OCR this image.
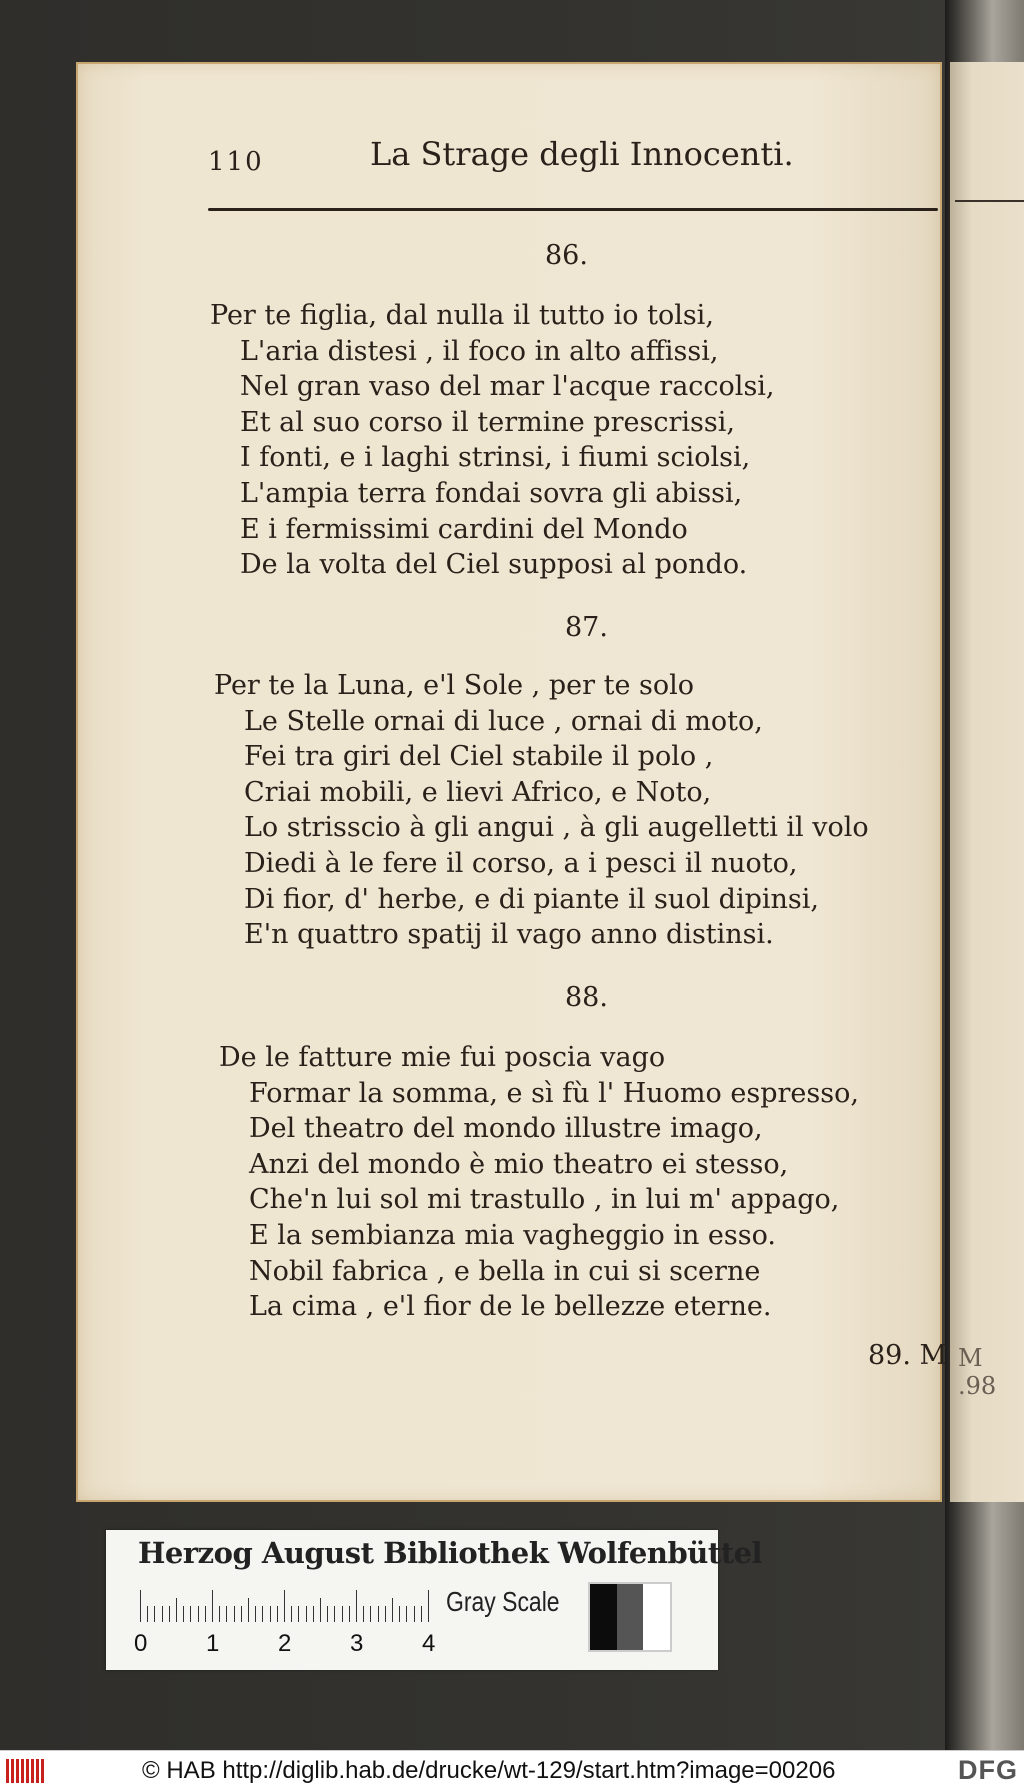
M .98
110	La Strage degli Innocenti.
86.
Per te figlia, dal nulla il tutto io tolsi,
L'aria distesi , il foco in alto affissi,
Nel gran vaso del mar l'acque raccolsi,
Et al suo corso il termine prescrissi,
I fonti, e i laghi strinsi, i fiumi sciolsi,
L'ampia terra fondai sovra gli abissi,
E i fermissimi cardini del Mondo
De la volta del Ciel supposi al pondo.
87.
Per te la Luna, e'l Sole , per te solo
Le Stelle ornai di luce , ornai di moto,
Fei tra giri del Ciel stabile il polo ,
Criai mobili, e lievi Africo, e Noto,
Lo strisscio à gli angui , à gli augelletti il volo
Diedi à le fere il corso, a i pesci il nuoto,
Di fior, d' herbe, e di piante il suol dipinsi,
E'n quattro spatij il vago anno distinsi.
88.
De le fatture mie fui poscia vago
Formar la somma, e sì fù l' Huomo espresso,
Del theatro del mondo illustre imago,
Anzi del mondo è mio theatro ei stesso,
Che'n lui sol mi trastullo , in lui m' appago,
E la sembianza mia vagheggio in esso.
Nobil fabrica , e bella in cui si scerne
La cima , e'l fior de le bellezze eterne.
89. M
Herzog August Bibliothek Wolfenbüttel
0 1 2 3 4
Gray Scale
© HAB http://diglib.hab.de/drucke/wt-129/start.htm?image=00206	DFG
